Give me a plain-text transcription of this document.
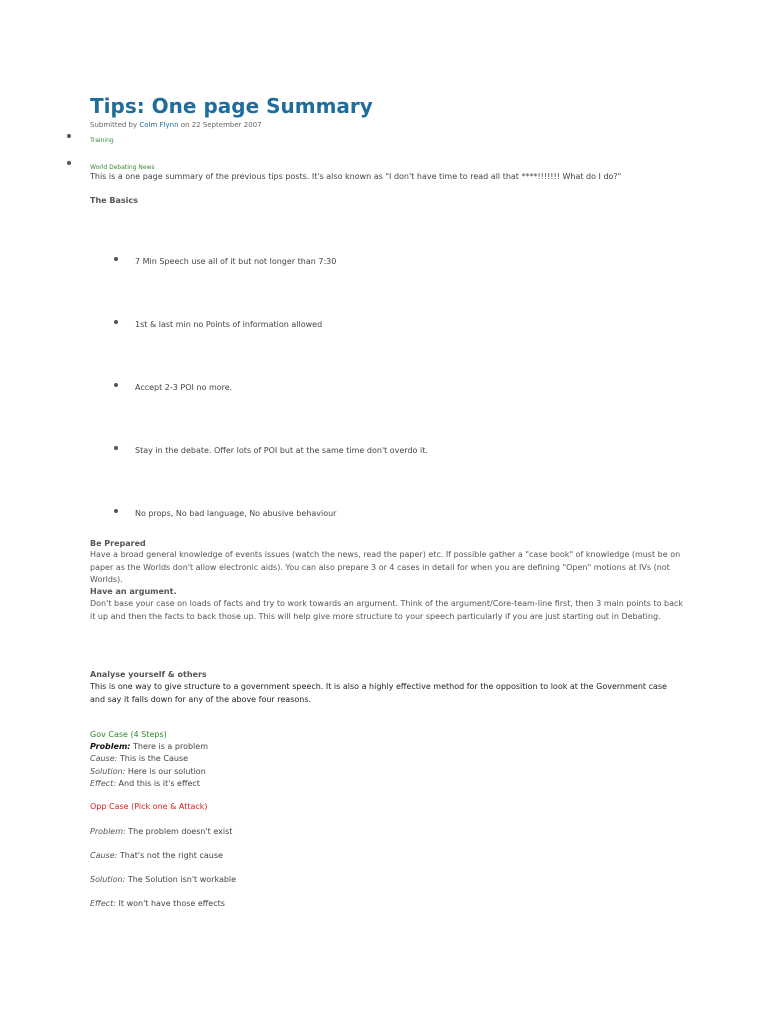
Tips: One page Summary
Submitted by Colm Flynn on 22 September 2007
Training
World Debating News
This is a one page summary of the previous tips posts. It's also known as "I don't have time to read all that ****!!!!!!! What do I do?"
The Basics
7 Min Speech use all of it but not longer than 7:30
1st & last min no Points of information allowed
Accept 2-3 POI no more.
Stay in the debate. Offer lots of POI but at the same time don't overdo it.
No props, No bad language, No abusive behaviour
Be Prepared
Have a broad general knowledge of events issues (watch the news, read the paper) etc. If possible gather a "case book" of knowledge (must be on paper as the Worlds don't allow electronic aids). You can also prepare 3 or 4 cases in detail for when you are defining "Open" motions at IVs (not Worlds).
Have an argument.
Don't base your case on loads of facts and try to work towards an argument. Think of the argument/Core-team-line first, then 3 main points to back it up and then the facts to back those up. This will help give more structure to your speech particularly if you are just starting out in Debating.
Analyse yourself & others
This is one way to give structure to a government speech. It is also a highly effective method for the opposition to look at the Government case and say it falls down for any of the above four reasons.
Gov Case (4 Steps)
Problem: There is a problem
Cause: This is the Cause
Solution: Here is our solution
Effect: And this is it's effect
Opp Case (Pick one & Attack)
Problem: The problem doesn't exist
Cause: That's not the right cause
Solution: The Solution isn't workable
Effect: It won't have those effects
